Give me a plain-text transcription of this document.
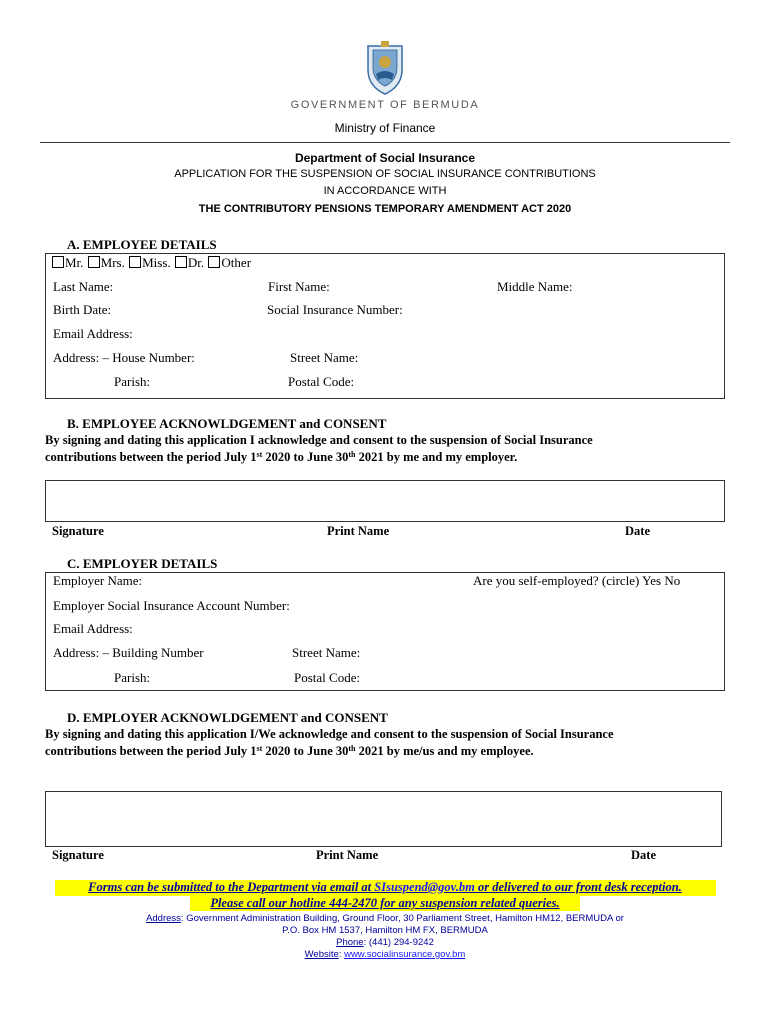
GOVERNMENT OF BERMUDA
Ministry of Finance
Department of Social Insurance
APPLICATION FOR THE SUSPENSION OF SOCIAL INSURANCE CONTRIBUTIONS
IN ACCORDANCE WITH
THE CONTRIBUTORY PENSIONS TEMPORARY AMENDMENT ACT 2020
A. EMPLOYEE DETAILS
Mr. Mrs. Miss. Dr. Other
Last Name:	First Name:	Middle Name:
Birth Date:	Social Insurance Number:
Email Address:
Address: – House Number:	Street Name:
Parish:	Postal Code:
B. EMPLOYEE ACKNOWLDGEMENT and CONSENT
By signing and dating this application I acknowledge and consent to the suspension of Social Insurance
contributions between the period July 1st 2020 to June 30th 2021 by me and my employer.
Signature	Print Name	Date
C. EMPLOYER DETAILS
Employer Name:	Are you self-employed? (circle) Yes No
Employer Social Insurance Account Number:
Email Address:
Address: – Building Number	Street Name:
Parish:	Postal Code:
D. EMPLOYER ACKNOWLDGEMENT and CONSENT
By signing and dating this application I/We acknowledge and consent to the suspension of Social Insurance
contributions between the period July 1st 2020 to June 30th 2021 by me/us and my employee.
Signature	Print Name	Date
Forms can be submitted to the Department via email at SIsuspend@gov.bm or delivered to our front desk reception.
Please call our hotline 444-2470 for any suspension related queries.
Address: Government Administration Building, Ground Floor, 30 Parliament Street, Hamilton HM12, BERMUDA or
P.O. Box HM 1537, Hamilton HM FX, BERMUDA
Phone: (441) 294-9242
Website: www.socialinsurance.gov.bm
